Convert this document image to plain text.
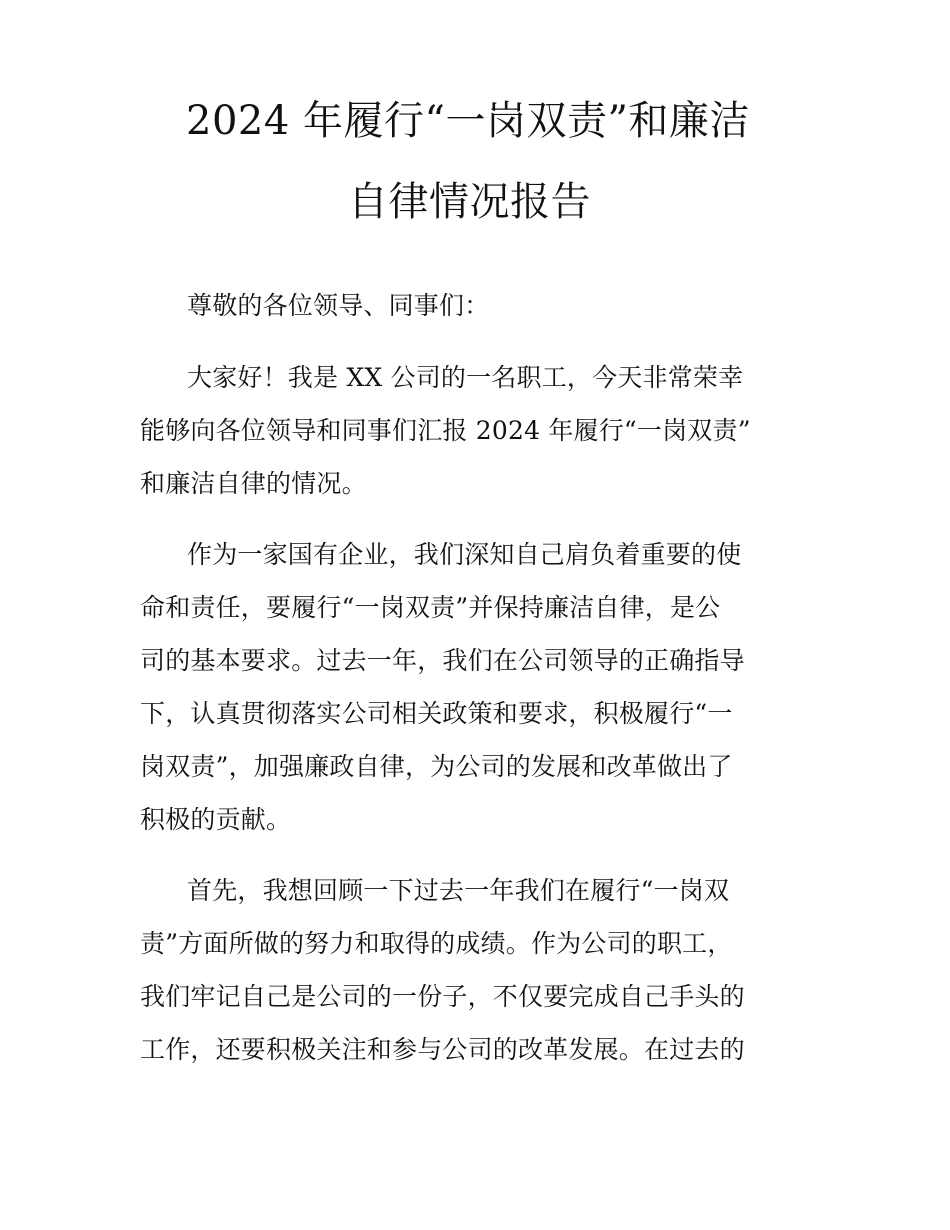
2024 年履行“一岗双责”和廉洁
自律情况报告
尊敬的各位领导、同事们：
大家好！我是 XX 公司的一名职工，今天非常荣幸
能够向各位领导和同事们汇报 2024 年履行“一岗双责”
和廉洁自律的情况。
作为一家国有企业，我们深知自己肩负着重要的使
命和责任，要履行“一岗双责”并保持廉洁自律，是公
司的基本要求。过去一年，我们在公司领导的正确指导
下，认真贯彻落实公司相关政策和要求，积极履行“一
岗双责”，加强廉政自律，为公司的发展和改革做出了
积极的贡献。
首先，我想回顾一下过去一年我们在履行“一岗双
责”方面所做的努力和取得的成绩。作为公司的职工，
我们牢记自己是公司的一份子，不仅要完成自己手头的
工作，还要积极关注和参与公司的改革发展。在过去的
